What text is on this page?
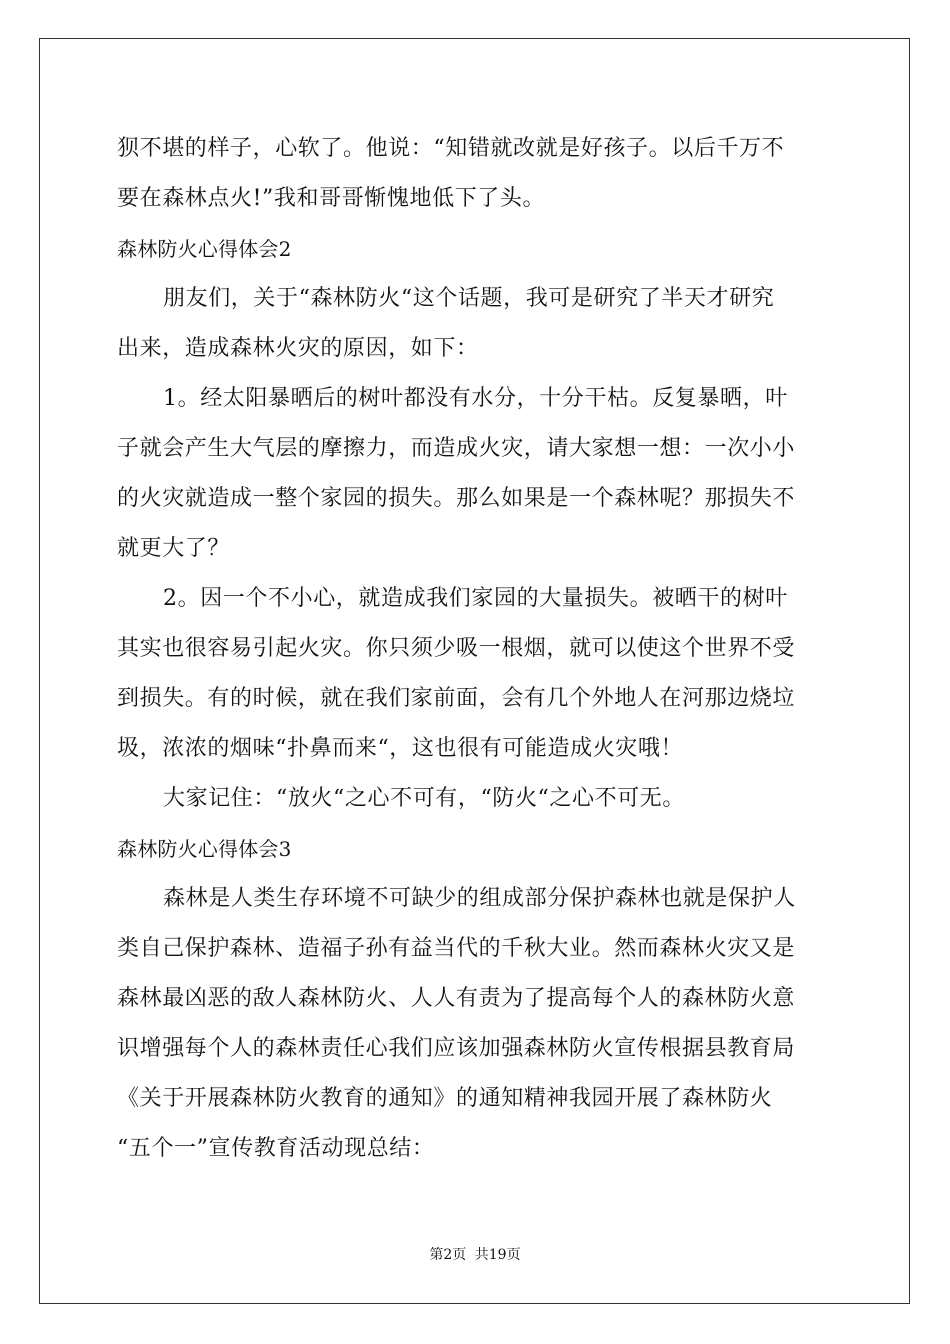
狈不堪的样子，心软了。他说：“知错就改就是好孩子。以后千万不
要在森林点火!”我和哥哥惭愧地低下了头。
森林防火心得体会2
朋友们，关于“森林防火“这个话题，我可是研究了半天才研究
出来，造成森林火灾的原因，如下：
1。经太阳暴晒后的树叶都没有水分，十分干枯。反复暴晒，叶
子就会产生大气层的摩擦力，而造成火灾，请大家想一想：一次小小
的火灾就造成一整个家园的损失。那么如果是一个森林呢？那损失不
就更大了？
2。因一个不小心，就造成我们家园的大量损失。被晒干的树叶
其实也很容易引起火灾。你只须少吸一根烟，就可以使这个世界不受
到损失。有的时候，就在我们家前面，会有几个外地人在河那边烧垃
圾，浓浓的烟味“扑鼻而来“，这也很有可能造成火灾哦！
大家记住：“放火“之心不可有，“防火“之心不可无。
森林防火心得体会3
森林是人类生存环境不可缺少的组成部分保护森林也就是保护人
类自己保护森林、造福子孙有益当代的千秋大业。然而森林火灾又是
森林最凶恶的敌人森林防火、人人有责为了提高每个人的森林防火意
识增强每个人的森林责任心我们应该加强森林防火宣传根据县教育局
《关于开展森林防火教育的通知》的通知精神我园开展了森林防火
“五个一”宣传教育活动现总结：
第2页 共19页
